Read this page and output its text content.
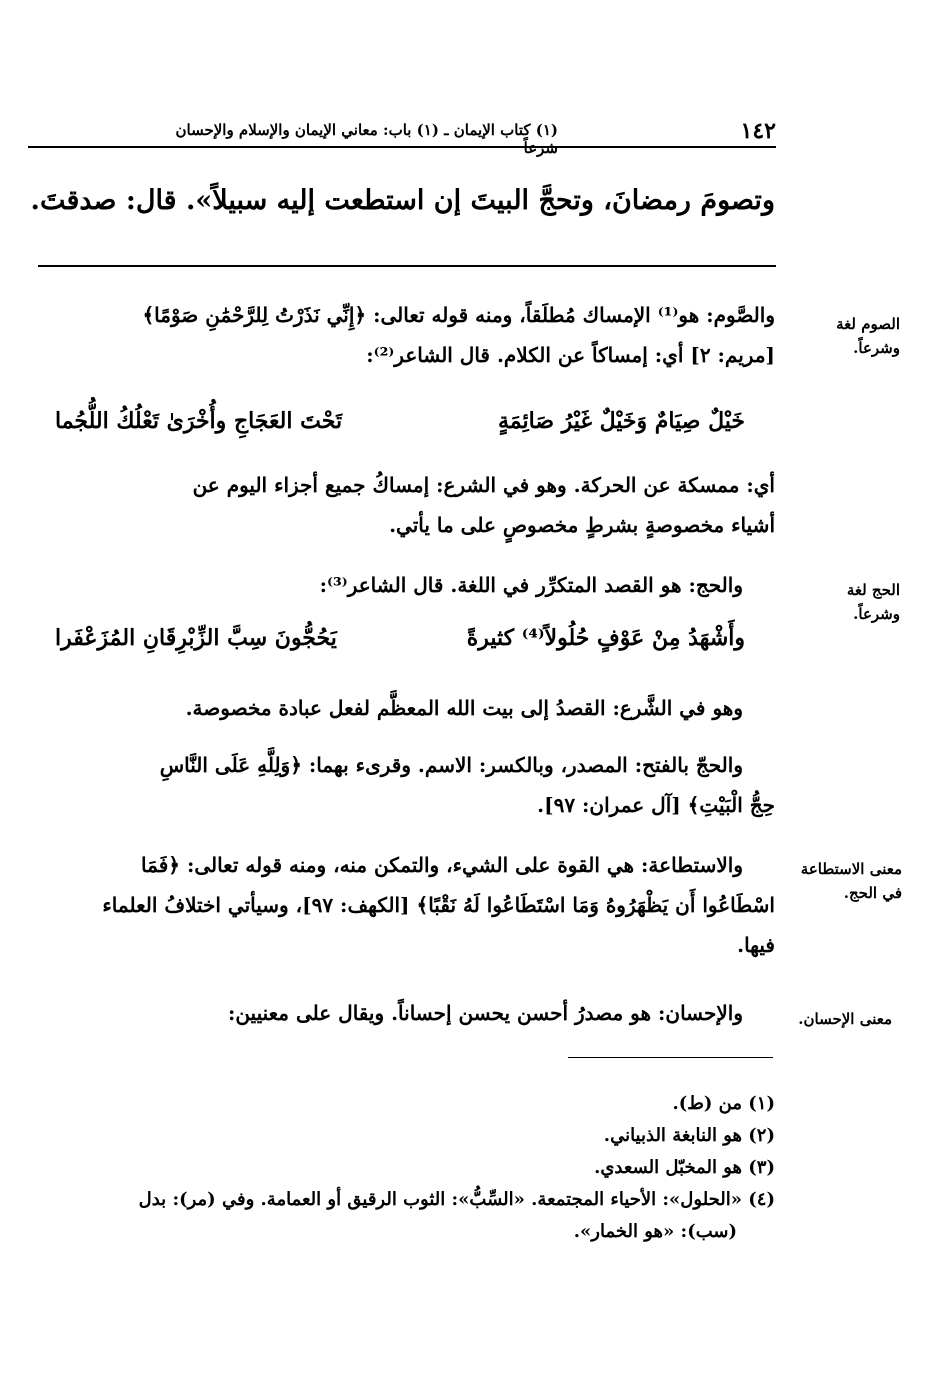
١٤٢
(١) كتاب الإيمان ـ (١) باب: معاني الإيمان والإسلام والإحسان شرعاً
وتصومَ رمضانَ، وتحجَّ البيتَ إن استطعت إليه سبيلاً». قال: صدقتَ.
الصوم لغة
وشرعاً.
والصَّوم: هو⁽¹⁾ الإمساك مُطلَقاً، ومنه قوله تعالى: ﴿إِنِّي نَذَرْتُ لِلرَّحْمَٰنِ صَوْمًا﴾
[مريم: ٢] أي: إمساكاً عن الكلام. قال الشاعر⁽²⁾:
خَيْلٌ صِيَامٌ وَخَيْلٌ غَيْرُ صَائِمَةٍ
تَحْتَ العَجَاجِ وأُخْرَىٰ تَعْلُكُ اللُّجُما
أي: ممسكة عن الحركة. وهو في الشرع: إمساكُ جميع أجزاء اليوم عن
أشياء مخصوصةٍ بشرطٍ مخصوصٍ على ما يأتي.
الحج لغة
وشرعاً.
والحج: هو القصد المتكرِّر في اللغة. قال الشاعر⁽³⁾:
وأَشْهَدُ مِنْ عَوْفٍ حُلُولاً⁽⁴⁾ كثيرةً
يَحُجُّونَ سِبَّ الزِّبْرِقَانِ المُزَعْفَرا
وهو في الشَّرع: القصدُ إلى بيت الله المعظَّم لفعل عبادة مخصوصة.
والحجّ بالفتح: المصدر، وبالكسر: الاسم. وقرىء بهما: ﴿وَلِلَّهِ عَلَى النَّاسِ
حِجُّ الْبَيْتِ﴾ [آل عمران: ٩٧].
معنى الاستطاعة
في الحج.
والاستطاعة: هي القوة على الشيء، والتمكن منه، ومنه قوله تعالى: ﴿فَمَا
اسْطَاعُوا أَن يَظْهَرُوهُ وَمَا اسْتَطَاعُوا لَهُ نَقْبًا﴾ [الكهف: ٩٧]، وسيأتي اختلافُ العلماء
فيها.
معنى الإحسان.
والإحسان: هو مصدرُ أحسن يحسن إحساناً. ويقال على معنيين:
(١) من (ط).
(٢) هو النابغة الذبياني.
(٣) هو المخبّل السعدي.
(٤) «الحلول»: الأحياء المجتمعة. «السِّبُّ»: الثوب الرقيق أو العمامة. وفي (مر): بدل
(سب): «هو الخمار».
